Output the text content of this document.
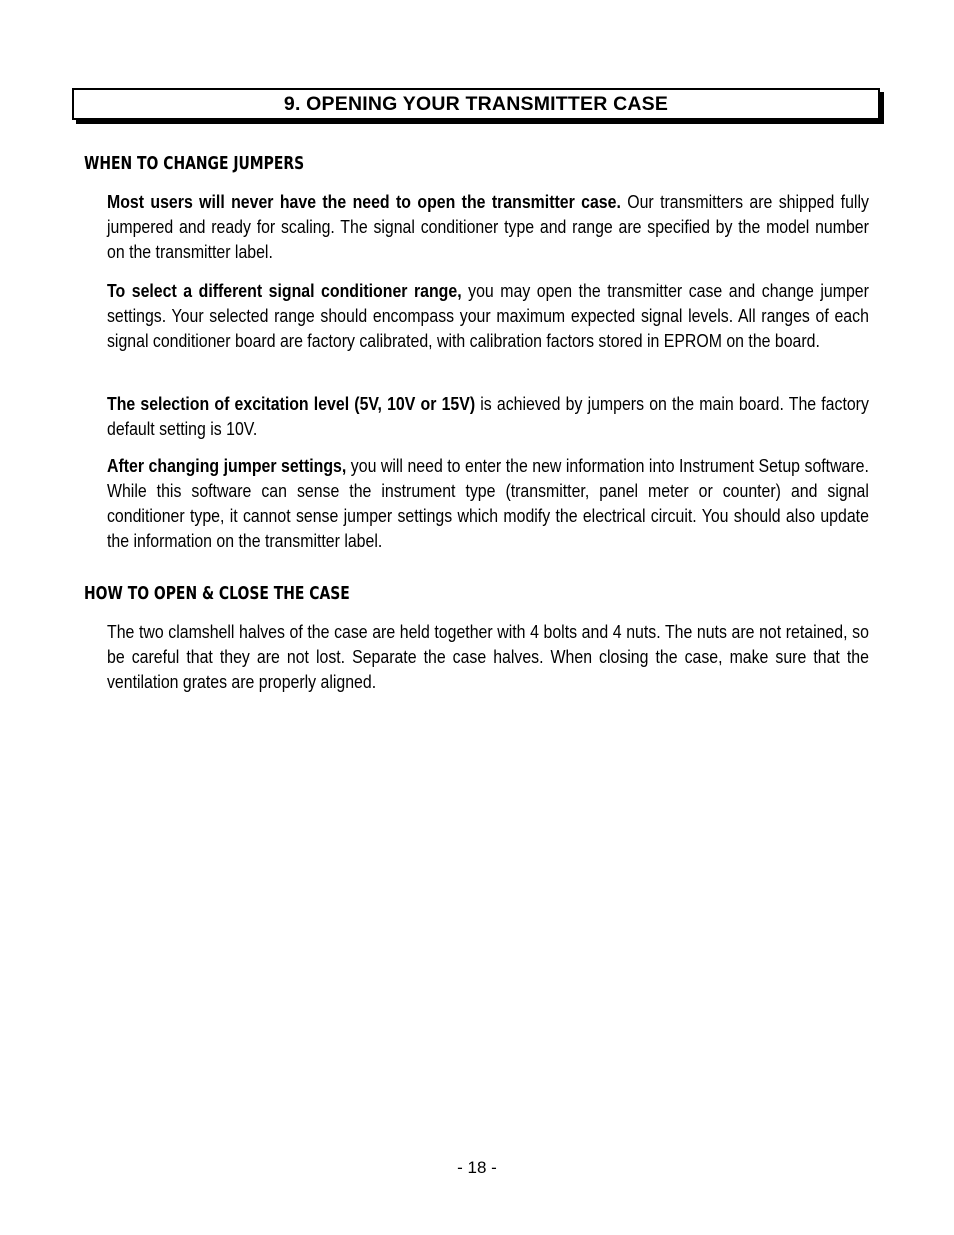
9. OPENING YOUR TRANSMITTER CASE
WHEN TO CHANGE JUMPERS
Most users will never have the need to open the transmitter case. Our transmitters are shipped fully jumpered and ready for scaling. The signal conditioner type and range are specified by the model number on the transmitter label.
To select a different signal conditioner range, you may open the transmitter case and change jumper settings. Your selected range should encompass your maximum expected signal levels. All ranges of each signal conditioner board are factory calibrated, with calibration factors stored in EPROM on the board.
The selection of excitation level (5V, 10V or 15V) is achieved by jumpers on the main board. The factory default setting is 10V.
After changing jumper settings, you will need to enter the new information into Instrument Setup software. While this software can sense the instrument type (transmitter, panel meter or counter) and signal conditioner type, it cannot sense jumper settings which modify the electrical circuit. You should also update the information on the transmitter label.
HOW TO OPEN & CLOSE THE CASE
The two clamshell halves of the case are held together with 4 bolts and 4 nuts. The nuts are not retained, so be careful that they are not lost. Separate the case halves. When closing the case, make sure that the ventilation grates are properly aligned.
- 18 -
